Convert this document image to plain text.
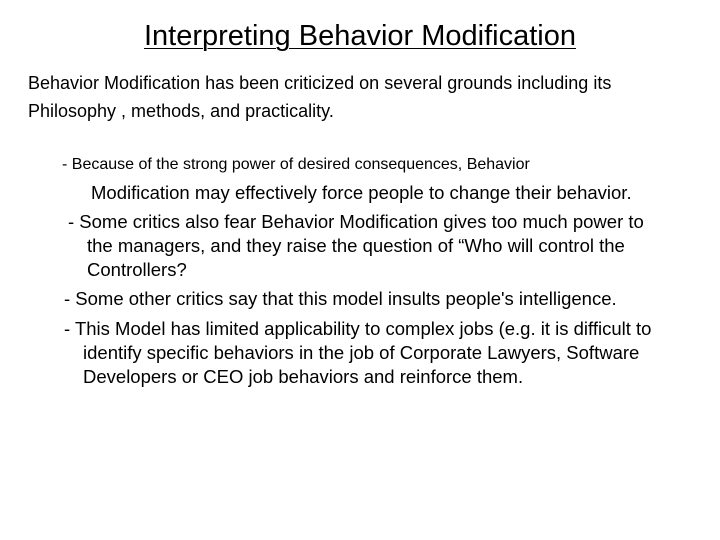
Interpreting Behavior Modification
Behavior Modification has been criticized on several grounds including its
Philosophy , methods, and practicality.
- Because of the strong power of desired consequences, Behavior
Modification may effectively force people to change their behavior.
- Some critics also fear Behavior Modification gives too much power to
the managers, and they raise the question of “Who will control the
Controllers?
- Some other critics say that this model insults people's intelligence.
- This Model has limited applicability to complex jobs (e.g. it is difficult to
identify specific behaviors in the job of Corporate Lawyers, Software
Developers or CEO job behaviors and reinforce them.
